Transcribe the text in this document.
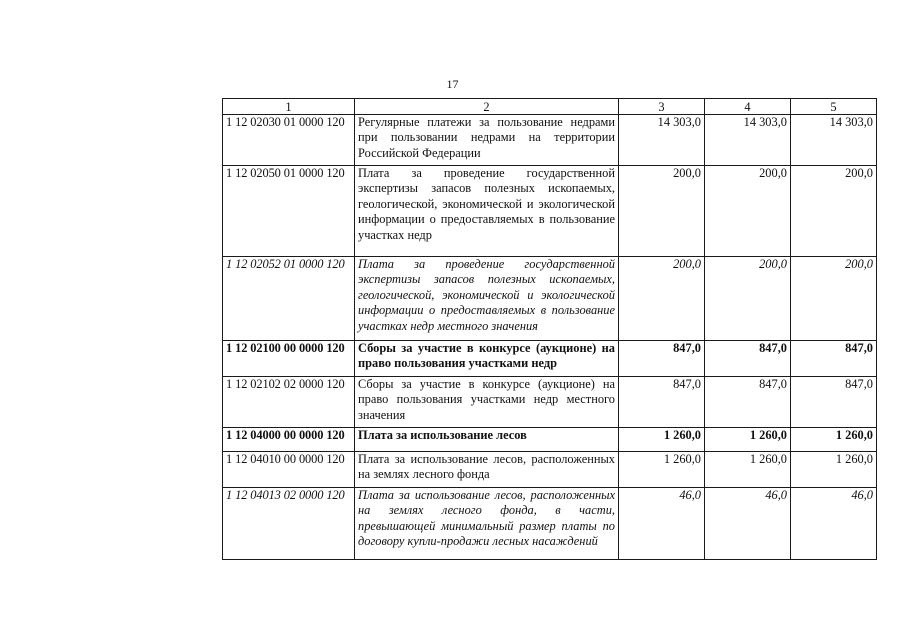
17
1	2	3	4	5
1 12 02030 01 0000 120	Регулярные платежи за пользование недрами при пользовании недрами на территории Российской Федерации	14 303,0	14 303,0	14 303,0
1 12 02050 01 0000 120	Плата за проведение государственной экспертизы запасов полезных ископаемых, геологической, экономической и экологической информации о предоставляемых в пользование участках недр	200,0	200,0	200,0
1 12 02052 01 0000 120	Плата за проведение государственной экспертизы запасов полезных ископаемых, геологической, экономической и экологической информации о предоставляемых в пользование участках недр местного значения	200,0	200,0	200,0
1 12 02100 00 0000 120	Сборы за участие в конкурсе (аукционе) на право пользования участками недр	847,0	847,0	847,0
1 12 02102 02 0000 120	Сборы за участие в конкурсе (аукционе) на право пользования участками недр местного значения	847,0	847,0	847,0
1 12 04000 00 0000 120	Плата за использование лесов	1 260,0	1 260,0	1 260,0
1 12 04010 00 0000 120	Плата за использование лесов, расположенных на землях лесного фонда	1 260,0	1 260,0	1 260,0
1 12 04013 02 0000 120	Плата за использование лесов, расположенных на землях лесного фонда, в части, превышающей минимальный размер платы по договору купли-продажи лесных насаждений	46,0	46,0	46,0
